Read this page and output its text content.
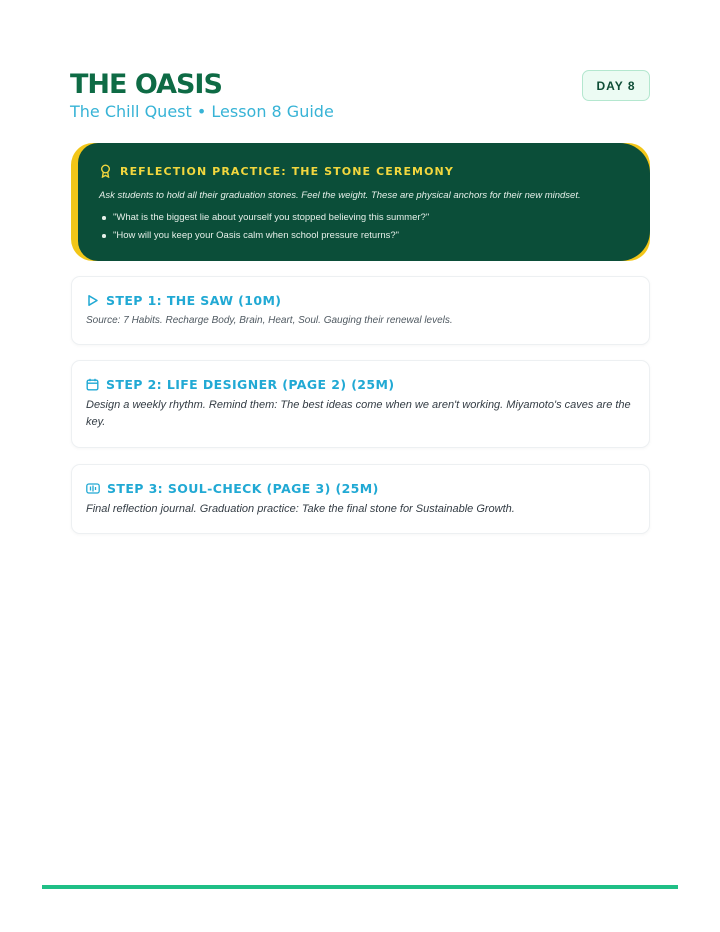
THE OASIS
The Chill Quest • Lesson 8 Guide
DAY 8
REFLECTION PRACTICE: THE STONE CEREMONY
Ask students to hold all their graduation stones. Feel the weight. These are physical anchors for their new mindset.
"What is the biggest lie about yourself you stopped believing this summer?"
"How will you keep your Oasis calm when school pressure returns?"
STEP 1: THE SAW (10M)
Source: 7 Habits. Recharge Body, Brain, Heart, Soul. Gauging their renewal levels.
STEP 2: LIFE DESIGNER (PAGE 2) (25M)
Design a weekly rhythm. Remind them: The best ideas come when we aren't working. Miyamoto's caves are the key.
STEP 3: SOUL-CHECK (PAGE 3) (25M)
Final reflection journal. Graduation practice: Take the final stone for Sustainable Growth.
